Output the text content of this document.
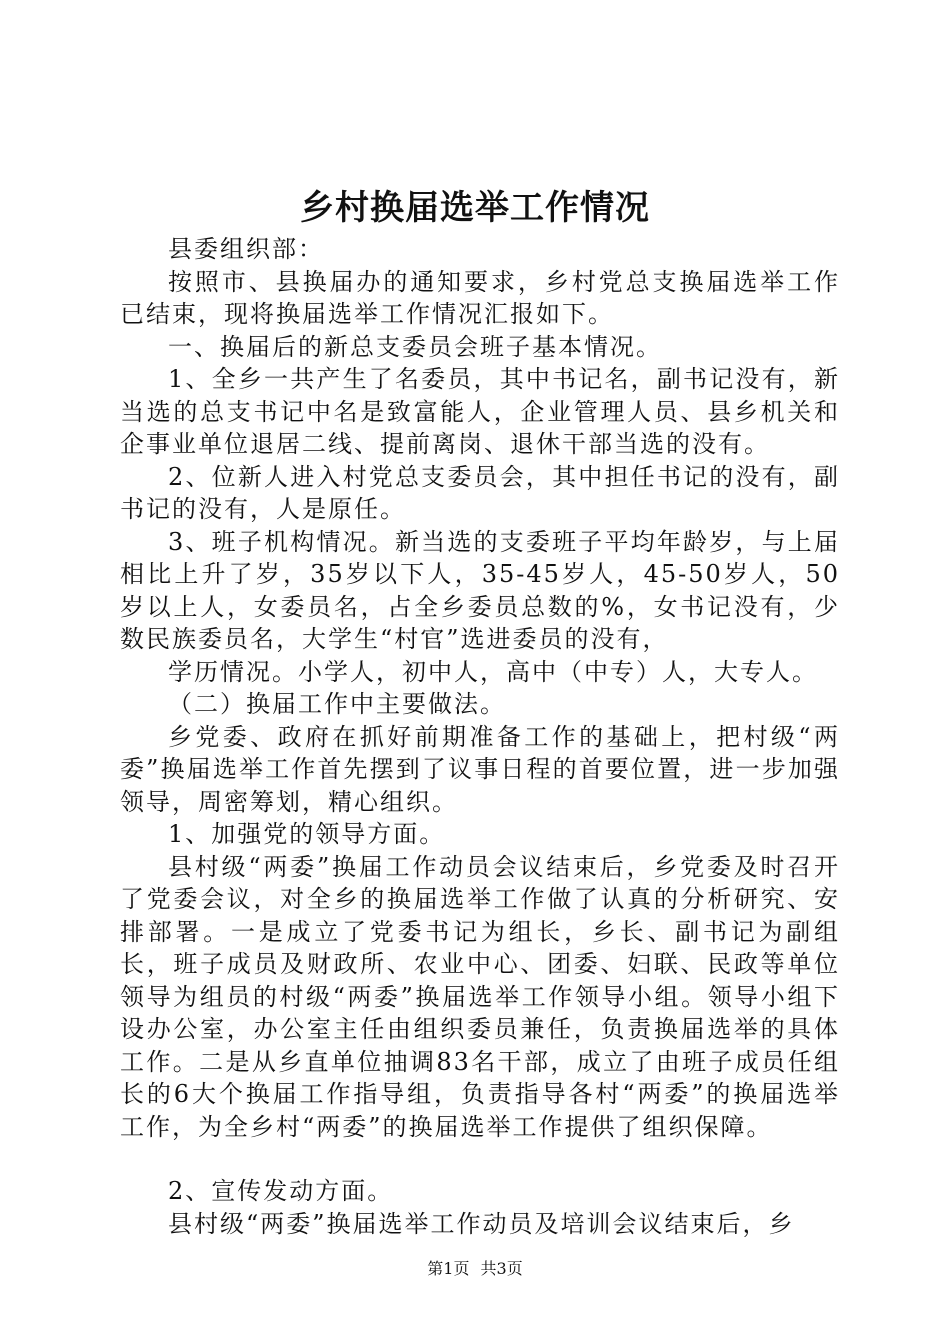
乡村换届选举工作情况

县委组织部：

按照市、县换届办的通知要求，乡村党总支换届选举工作已结束，现将换届选举工作情况汇报如下。

一、换届后的新总支委员会班子基本情况。

1、全乡一共产生了名委员，其中书记名，副书记没有，新当选的总支书记中名是致富能人，企业管理人员、县乡机关和企事业单位退居二线、提前离岗、退休干部当选的没有。

2、位新人进入村党总支委员会，其中担任书记的没有，副书记的没有，人是原任。

3、班子机构情况。新当选的支委班子平均年龄岁，与上届相比上升了岁，35岁以下人，35-45岁人，45-50岁人，50岁以上人，女委员名，占全乡委员总数的%，女书记没有，少数民族委员名，大学生“村官”选进委员的没有，

学历情况。小学人，初中人，高中（中专）人，大专人。

（二）换届工作中主要做法。

乡党委、政府在抓好前期准备工作的基础上，把村级“两委”换届选举工作首先摆到了议事日程的首要位置，进一步加强领导，周密筹划，精心组织。

1、加强党的领导方面。

县村级“两委”换届工作动员会议结束后，乡党委及时召开了党委会议，对全乡的换届选举工作做了认真的分析研究、安排部署。一是成立了党委书记为组长，乡长、副书记为副组长，班子成员及财政所、农业中心、团委、妇联、民政等单位领导为组员的村级“两委”换届选举工作领导小组。领导小组下设办公室，办公室主任由组织委员兼任，负责换届选举的具体工作。二是从乡直单位抽调83名干部，成立了由班子成员任组长的6大个换届工作指导组，负责指导各村“两委”的换届选举工作，为全乡村“两委”的换届选举工作提供了组织保障。

2、宣传发动方面。

县村级“两委”换届选举工作动员及培训会议结束后，乡

第1页 共3页
